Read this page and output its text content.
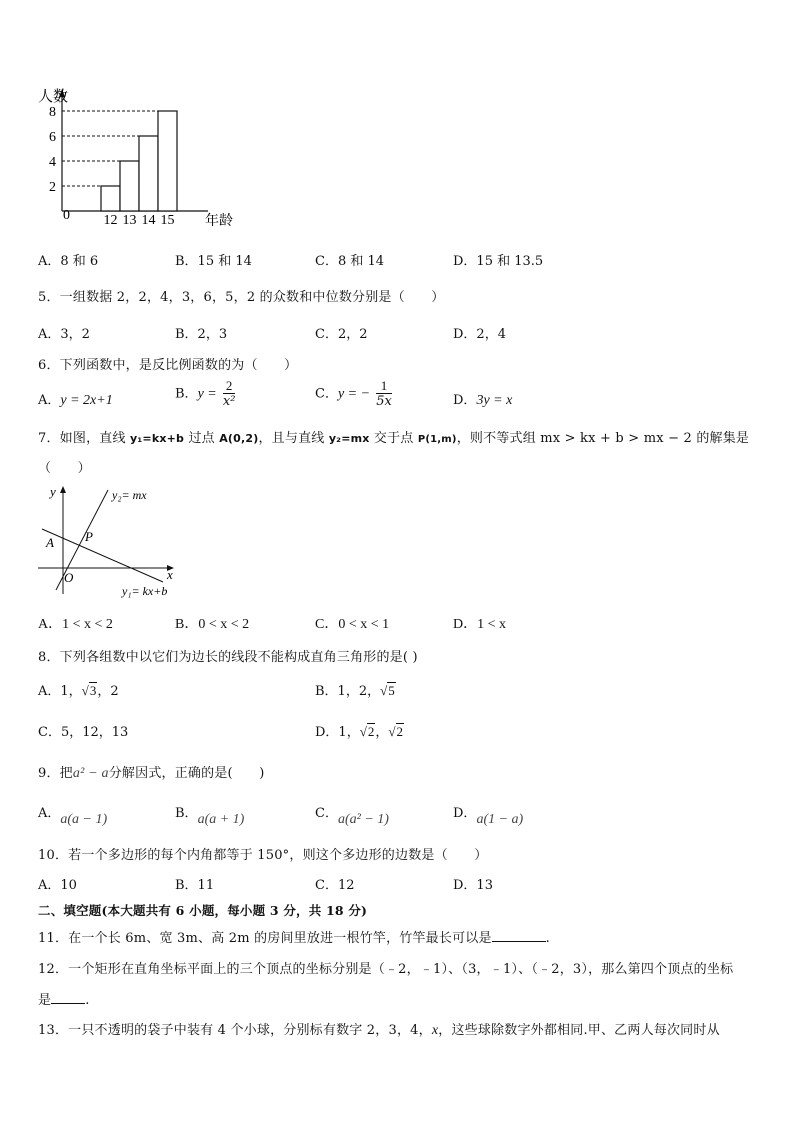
人数
0	年龄
12 13 14 15
2
4
6
8
A．8 和 6	B．15 和 14	C．8 和 14	D．15 和 13.5
5．一组数据 2，2，4，3，6，5，2 的众数和中位数分别是（　　）
A．3，2	B．2，3	C．2，2	D．2，4
6．下列函数中，是反比例函数的为（　　）
A．y = 2x+1	B．$y = \frac{2}{\text{x²}}$	C．y = − $\frac{1}{5x}$	D．3y = x
7．如图，直线 y₁=kx+b 过点 A(0,2)，且与直线 y₂=mx 交于点 P(1,m)，则不等式组 mx > kx + b > mx − 2 的解集是
（　　）
y
x
A P
O
y₂= mx
y₁= kx+b
A．1 < x < 2	B．0 < x < 2	C．0 < x < 1	D．1 < x
8．下列各组数中以它们为边长的线段不能构成直角三角形的是( )
A．1，√3，2	B．1，2，√5
C．5，12，13	D．1，√2，√2
9．把a² − a分解因式，正确的是(　　)
A．a(a − 1)	B．a(a + 1)	C．a(a² − 1)	D．a(1 − a)
10．若一个多边形的每个内角都等于 150°，则这个多边形的边数是（　　）
A．10	B．11	C．12	D．13
二、填空题(本大题共有 6 小题，每小题 3 分，共 18 分)
11．在一个长 6m、宽 3m、高 2m 的房间里放进一根竹竿，竹竿最长可以是	.
12．一个矩形在直角坐标平面上的三个顶点的坐标分别是（﹣2，﹣1）、（3，﹣1）、（﹣2，3），那么第四个顶点的坐标
是	.
13．一只不透明的袋子中装有 4 个小球，分别标有数字 2，3，4，x，这些球除数字外都相同.甲、乙两人每次同时从
